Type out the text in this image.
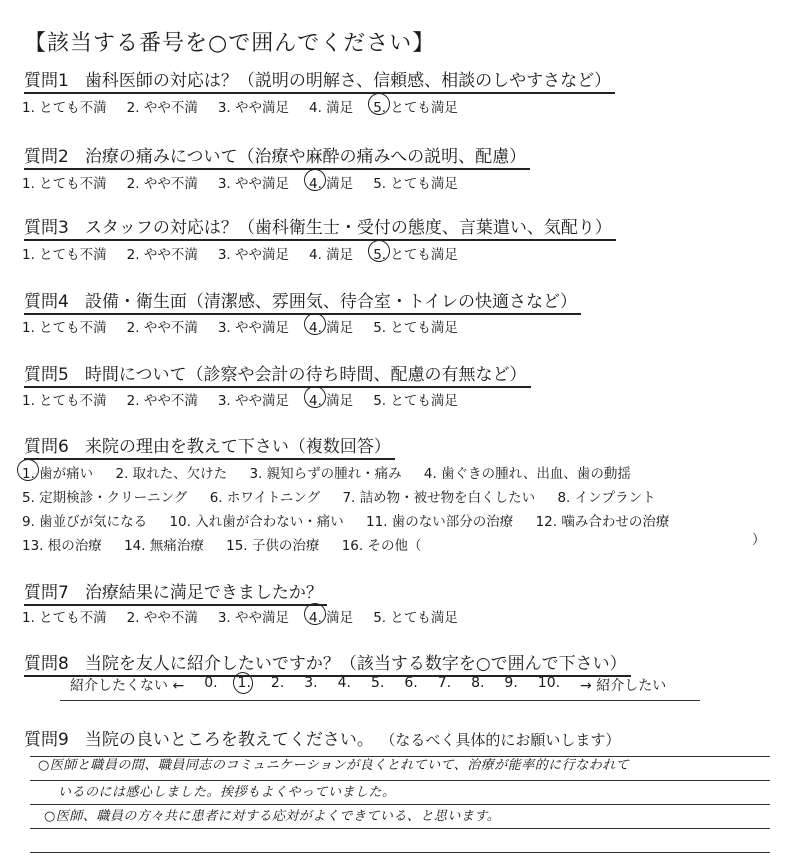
【該当する番号を○で囲んでください】
質問1 歯科医師の対応は？（説明の明解さ、信頼感、相談のしやすさなど）
1. とても不満 2. やや不満 3. やや満足 4. 満足 5. とても満足
質問2 治療の痛みについて（治療や麻酔の痛みへの説明、配慮）
1. とても不満 2. やや不満 3. やや満足 4. 満足 5. とても満足
質問3 スタッフの対応は？（歯科衛生士・受付の態度、言葉遣い、気配り）
1. とても不満 2. やや不満 3. やや満足 4. 満足 5. とても満足
質問4 設備・衛生面（清潔感、雰囲気、待合室・トイレの快適さなど）
1. とても不満 2. やや不満 3. やや満足 4. 満足 5. とても満足
質問5 時間について（診察や会計の待ち時間、配慮の有無など）
1. とても不満 2. やや不満 3. やや満足 4. 満足 5. とても満足
質問6 来院の理由を教えて下さい（複数回答）
1. 歯が痛い 2. 取れた、欠けた 3. 親知らずの腫れ・痛み 4. 歯ぐきの腫れ、出血、歯の動揺
5. 定期検診・クリーニング 6. ホワイトニング 7. 詰め物・被せ物を白くしたい 8. インプラント
9. 歯並びが気になる 10. 入れ歯が合わない・痛い 11. 歯のない部分の治療 12. 噛み合わせの治療
13. 根の治療 14. 無痛治療 15. 子供の治療 16. その他（	）
質問7 治療結果に満足できましたか？
1. とても不満 2. やや不満 3. やや満足 4. 満足 5. とても満足
質問8 当院を友人に紹介したいですか？（該当する数字を○で囲んで下さい）
紹介したくない ← 0. 1. 2. 3. 4. 5. 6. 7. 8. 9. 10. → 紹介したい
質問9 当院の良いところを教えてください。 （なるべく具体的にお願いします）
○医師と職員の間、職員同志のコミュニケーションが良くとれていて、治療が能率的に行なわれて
いるのには感心しました。挨拶もよくやっていました。
○医師、職員の方々共に患者に対する応対がよくできている、と思います。
